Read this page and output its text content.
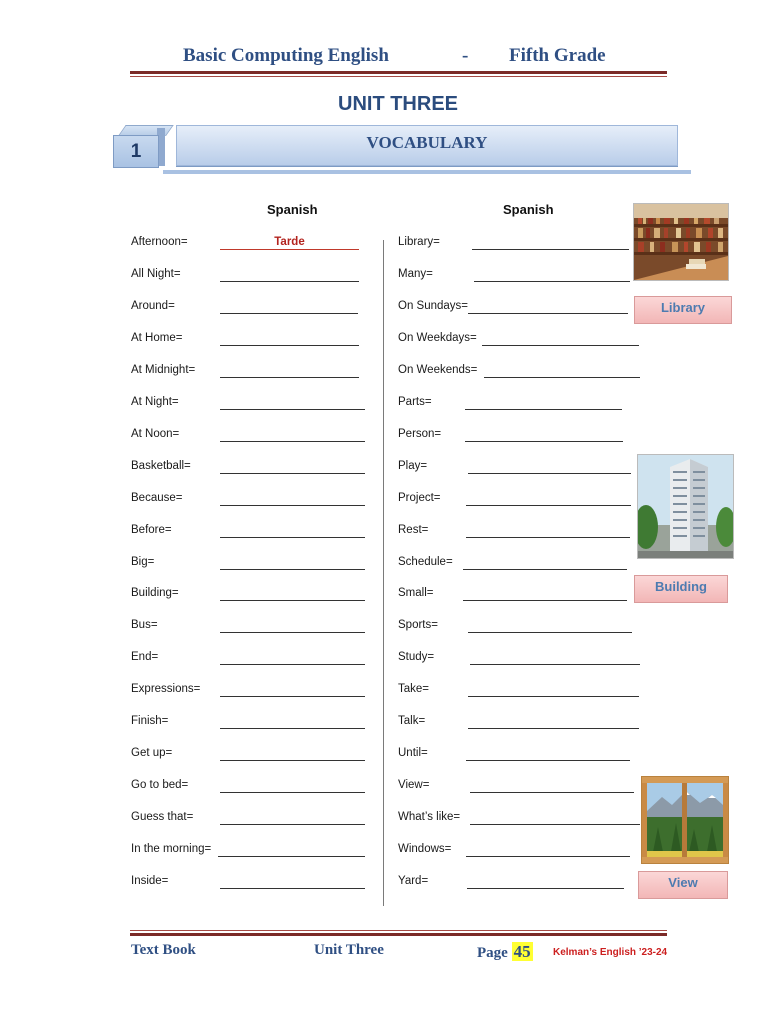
Basic Computing English	- Fifth Grade
UNIT THREE
1	VOCABULARY
Spanish	Spanish
Afternoon=	Tarde
All Night=
Around=
At Home=
At Midnight=
At Night=
At Noon=
Basketball=
Because=
Before=
Big=
Building=
Bus=
End=
Expressions=
Finish=
Get up=
Go to bed=
Guess that=
In the morning=
Inside=
Library=
Many=
On Sundays=
On Weekdays=
On Weekends=
Parts=
Person=
Play=
Project=
Rest=
Schedule=
Small=
Sports=
Study=
Take=
Talk=
Until=
View=
What’s like=
Windows=
Yard=
Library
Building
View
Text Book	Unit Three	Page 45 Kelman’s English ’23-24
